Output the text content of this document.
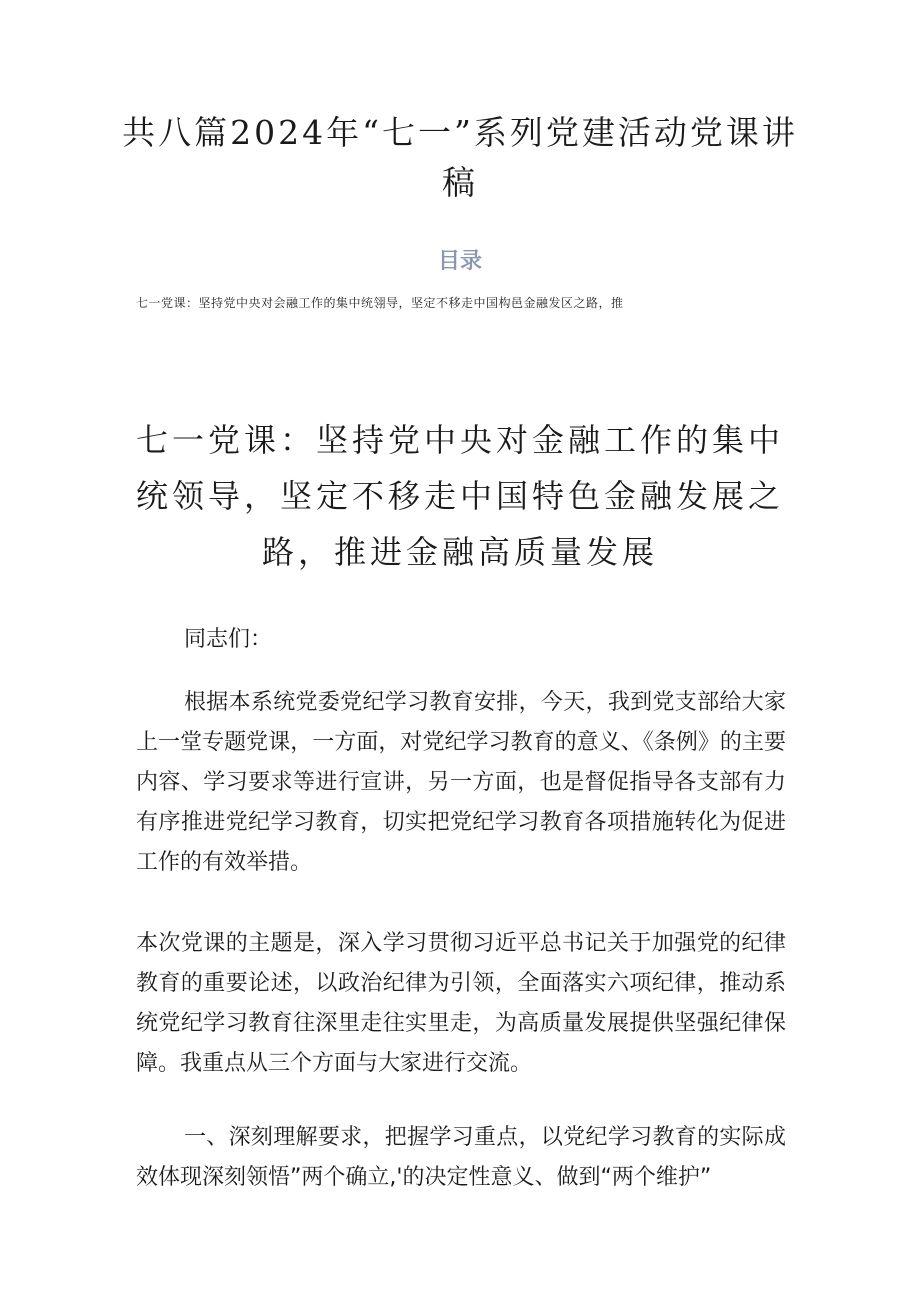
共八篇2024年“七一”系列党建活动党课讲稿
目录
七一党课：坚持党中央对会融工作的集中统翎导，坚定不移走中国构邑金融发区之路，推
七一党课：坚持党中央对金融工作的集中统领导，坚定不移走中国特色金融发展之路，推进金融高质量发展

同志们：

根据本系统党委党纪学习教育安排，今天，我到党支部给大家上一堂专题党课，一方面，对党纪学习教育的意义、《条例》的主要内容、学习要求等进行宣讲，另一方面，也是督促指导各支部有力有序推进党纪学习教育，切实把党纪学习教育各项措施转化为促进工作的有效举措。

本次党课的主题是，深入学习贯彻习近平总书记关于加强党的纪律教育的重要论述，以政治纪律为引领，全面落实六项纪律，推动系统党纪学习教育往深里走往实里走，为高质量发展提供坚强纪律保障。我重点从三个方面与大家进行交流。

一、深刻理解要求，把握学习重点，以党纪学习教育的实际成效体现深刻领悟”两个确立,'的决定性意义、做到“两个维护”
